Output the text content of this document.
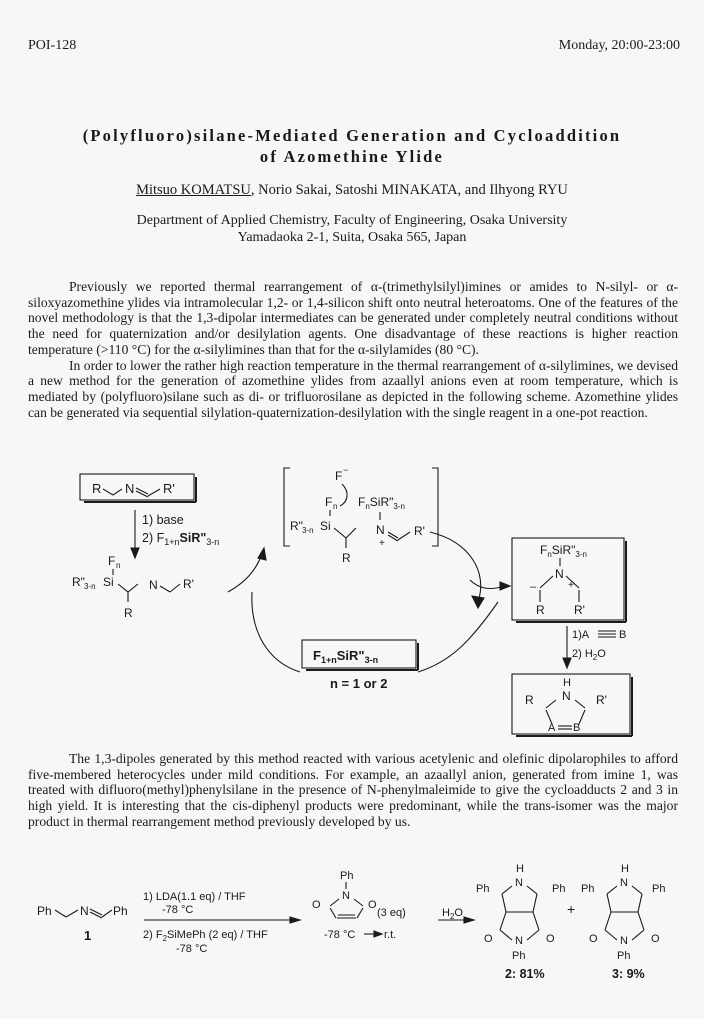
POI-128	Monday, 20:00-23:00
(Polyfluoro)silane-Mediated Generation and Cycloaddition
of Azomethine Ylide
Mitsuo KOMATSU, Norio Sakai, Satoshi MINAKATA, and Ilhyong RYU
Department of Applied Chemistry, Faculty of Engineering, Osaka University
Yamadaoka 2-1, Suita, Osaka 565, Japan

Previously we reported thermal rearrangement of α-(trimethylsilyl)imines or amides to N-silyl- or α-siloxyazomethine ylides via intramolecular 1,2- or 1,4-silicon shift onto neutral heteroatoms. One of the features of the novel methodology is that the 1,3-dipolar intermediates can be generated under completely neutral conditions without the need for quaternization and/or desilylation agents. One disadvantage of these reactions is higher reaction temperature (>110 °C) for the α-silylimines than that for the α-silylamides (80 °C).

In order to lower the rather high reaction temperature in the thermal rearrangement of α-silylimines, we devised a new method for the generation of azomethine ylides from azaallyl anions even at room temperature, which is mediated by (polyfluoro)silane such as di- or trifluorosilane as depicted in the following scheme. Azomethine ylides can be generated via sequential silylation-quaternization-desilylation with the single reagent in a one-pot reaction.

R N R'
1) base
2) $F_{1+n}SiR"_{3-n}$
F n
R" 3-n Si
R
N R'
F −
F n $F_nSiR"_{3-n}$
R" 3-n Si
R
N
+
R'
$F_nSiR"_{3-n}$
N
+
–
R R'
$F_{1+n}SiR"_{3-n}$
n = 1 or 2
1)A	B
2) $H_2O$
H
N
R	R'
A B

The 1,3-dipoles generated by this method reacted with various acetylenic and olefinic dipolarophiles to afford five-membered heterocycles under mild conditions. For example, an azaallyl anion, generated from imine 1, was treated with difluoro(methyl)phenylsilane in the presence of N-phenylmaleimide to give the cycloadducts 2 and 3 in high yield. It is interesting that the cis-diphenyl products were predominant, while the trans-isomer was the major product in thermal rearrangement method previously developed by us.

Ph N Ph
1
1) LDA(1.1 eq) / THF
-78 °C
2) $F_2SiMePh$ (2 eq) / THF
-78 °C
Ph
N
O	O
(3 eq)
-78 °C	r.t.
$H_2O$
H
N
Ph	Ph
N
O	O
Ph
+
H
N
Ph	Ph
N
O	O
Ph
2: 81%	3: 9%
